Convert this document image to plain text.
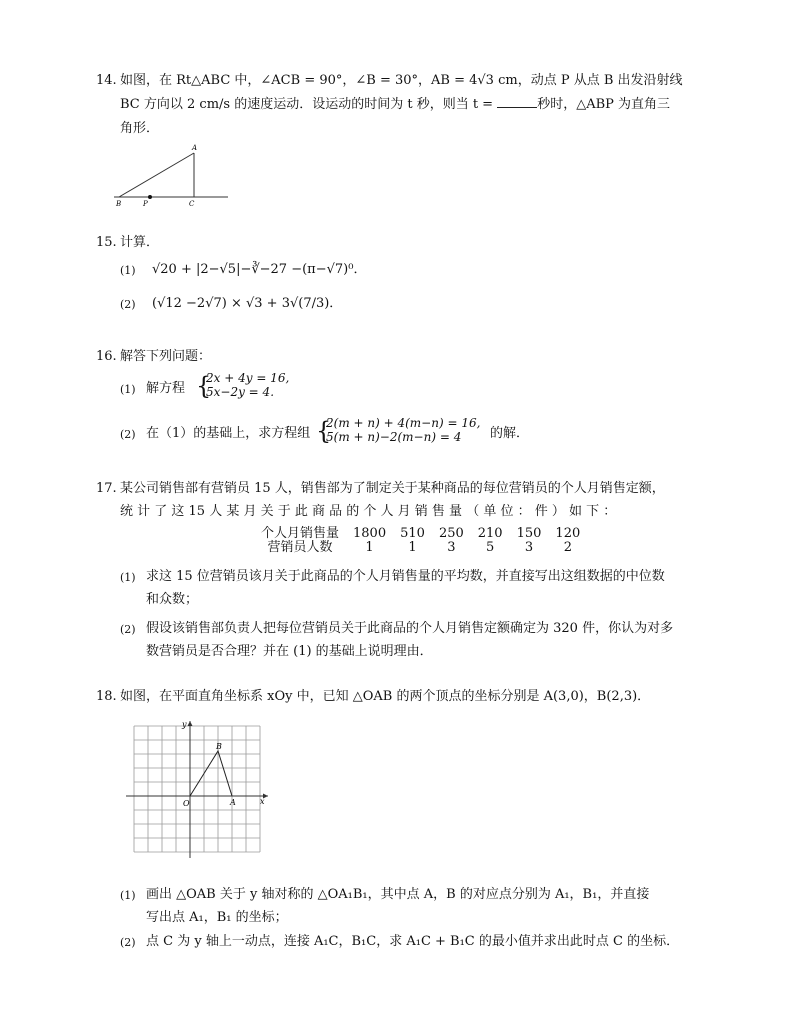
14. 如图，在 Rt△ABC 中，∠ACB = 90°，∠B = 30°，AB = 4√3 cm，动点 P 从点 B 出发沿射线
BC 方向以 2 cm/s 的速度运动．设运动的时间为 t 秒，则当 t =	秒时，△ABP 为直角三
角形．
A
B	C
P
15. 计算．
(1) √20 + |2−√5|−∛−27 −(π−√7)⁰．
(2) (√12 −2√7) × √3 + 3√(7/3)．
16. 解答下列问题：
(1) 解方程 {
2x + 4y = 16,
5x−2y = 4.
(2) 在（1）的基础上，求方程组 {
2(m + n) + 4(m−n) = 16,
5(m + n)−2(m−n) = 4 的解．
17. 某公司销售部有营销员 15 人，销售部为了制定关于某种商品的每位营销员的个人月销售定额，
统 计 了 这 15 人 某 月 关 于 此 商 品 的 个 人 月 销 售 量 （ 单 位 ： 件 ） 如 下 ：
个人月销售量	1800	510	250	210	150	120
营销员人数	1	1	3	5	3	2
(1) 求这 15 位营销员该月关于此商品的个人月销售量的平均数，并直接写出这组数据的中位数
和众数；
(2) 假设该销售部负责人把每位营销员关于此商品的个人月销售定额确定为 320 件，你认为对多
数营销员是否合理？并在 (1) 的基础上说明理由．
18. 如图，在平面直角坐标系 xOy 中，已知 △OAB 的两个顶点的坐标分别是 A(3,0)，B(2,3)．
O	A
B
x
y
(1) 画出 △OAB 关于 y 轴对称的 △OA₁B₁，其中点 A，B 的对应点分别为 A₁，B₁，并直接
写出点 A₁，B₁ 的坐标；
(2) 点 C 为 y 轴上一动点，连接 A₁C，B₁C，求 A₁C + B₁C 的最小值并求出此时点 C 的坐标．
